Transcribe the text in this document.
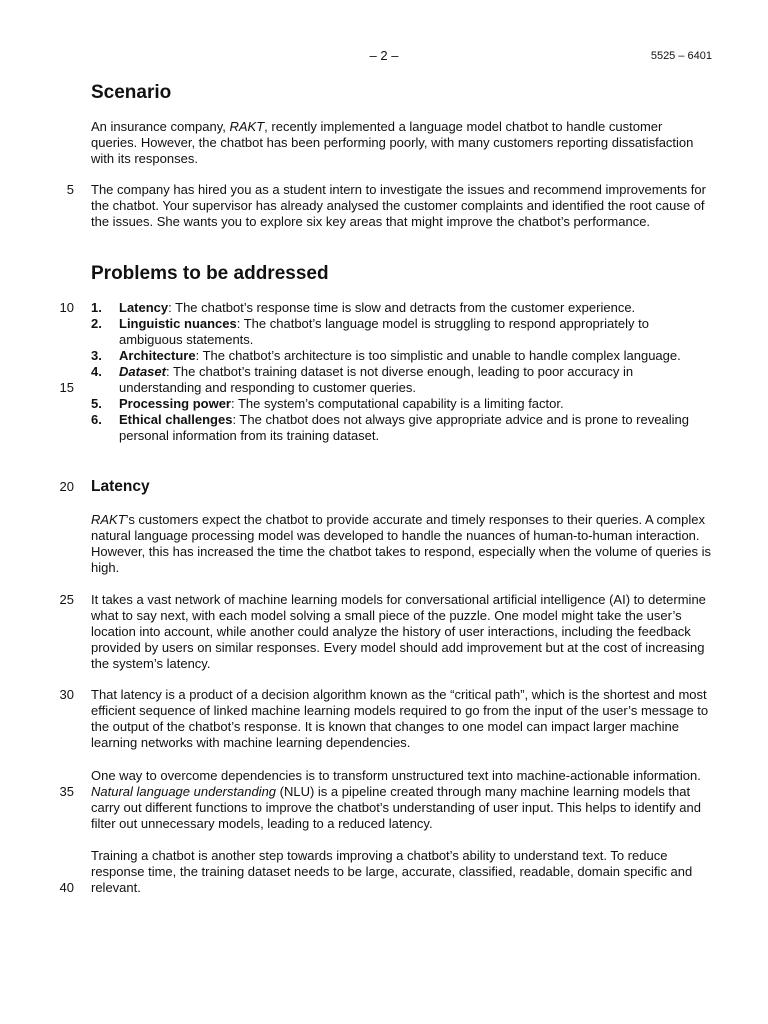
– 2 –	5525 – 6401
5
10
15
20
25
30
35
40
Scenario

An insurance company, RAKT, recently implemented a language model chatbot to handle customer queries. However, the chatbot has been performing poorly, with many customers reporting dissatisfaction with its responses.

The company has hired you as a student intern to investigate the issues and recommend improvements for the chatbot. Your supervisor has already analysed the customer complaints and identified the root cause of the issues. She wants you to explore six key areas that might improve the chatbot’s performance.

Problems to be addressed
1. Latency: The chatbot’s response time is slow and detracts from the customer experience.
2. Linguistic nuances: The chatbot’s language model is struggling to respond appropriately to ambiguous statements.
3. Architecture: The chatbot’s architecture is too simplistic and unable to handle complex language.
4. Dataset: The chatbot’s training dataset is not diverse enough, leading to poor accuracy in understanding and responding to customer queries.
5. Processing power: The system’s computational capability is a limiting factor.
6. Ethical challenges: The chatbot does not always give appropriate advice and is prone to revealing personal information from its training dataset.
Latency

RAKT’s customers expect the chatbot to provide accurate and timely responses to their queries. A complex natural language processing model was developed to handle the nuances of human-to-human interaction. However, this has increased the time the chatbot takes to respond, especially when the volume of queries is high.

It takes a vast network of machine learning models for conversational artificial intelligence (AI) to determine what to say next, with each model solving a small piece of the puzzle. One model might take the user’s location into account, while another could analyze the history of user interactions, including the feedback provided by users on similar responses. Every model should add improvement but at the cost of increasing the system’s latency.

That latency is a product of a decision algorithm known as the “critical path”, which is the shortest and most efficient sequence of linked machine learning models required to go from the input of the user’s message to the output of the chatbot’s response. It is known that changes to one model can impact larger machine learning networks with machine learning dependencies.

One way to overcome dependencies is to transform unstructured text into machine-actionable information. Natural language understanding (NLU) is a pipeline created through many machine learning models that carry out different functions to improve the chatbot’s understanding of user input. This helps to identify and filter out unnecessary models, leading to a reduced latency.

Training a chatbot is another step towards improving a chatbot’s ability to understand text. To reduce response time, the training dataset needs to be large, accurate, classified, readable, domain specific and relevant.
